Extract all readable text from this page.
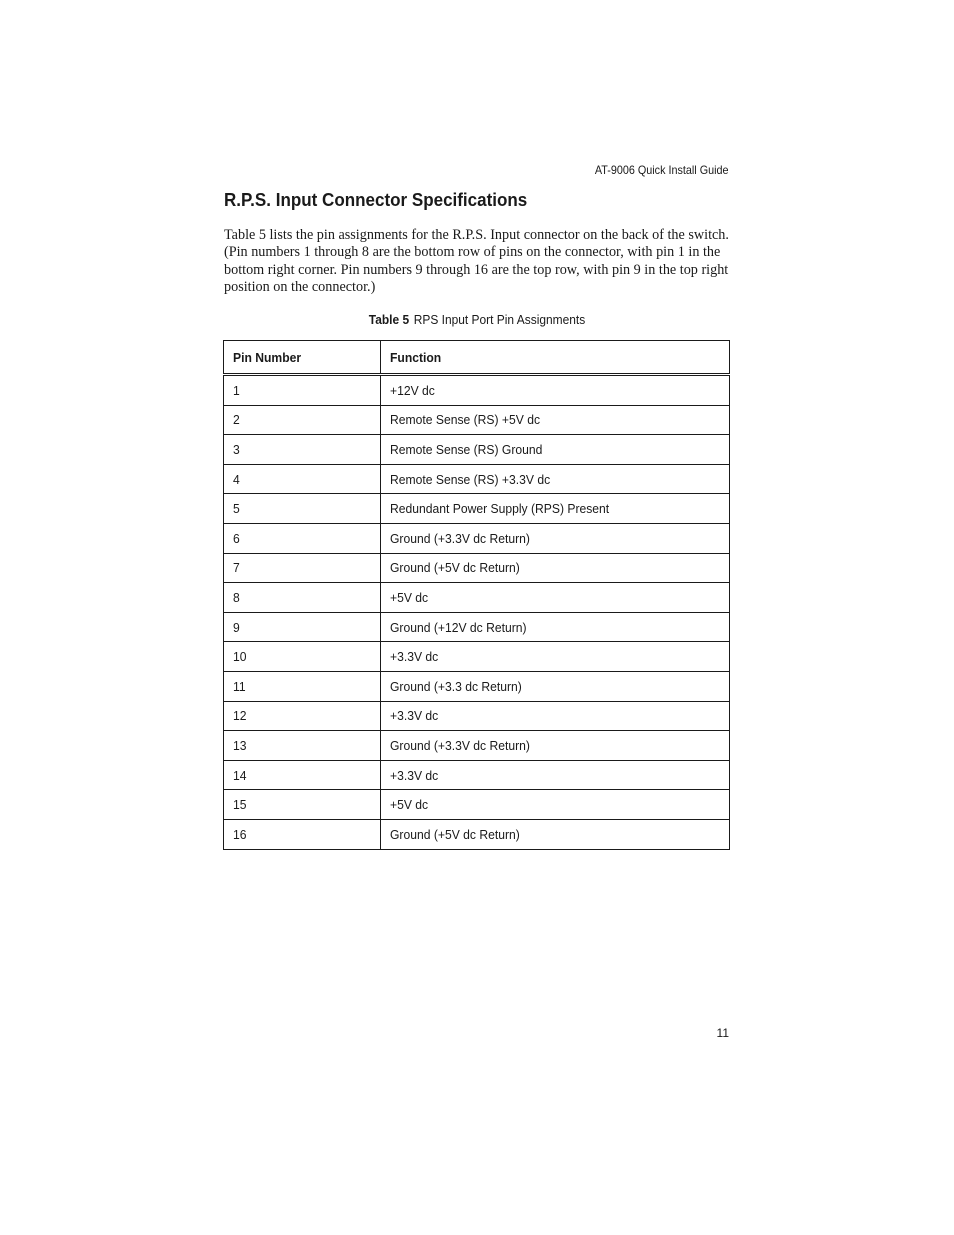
AT-9006 Quick Install Guide
R.P.S. Input Connector Specifications

Table 5 lists the pin assignments for the R.P.S. Input connector on the back of the switch. (Pin numbers 1 through 8 are the bottom row of pins on the connector, with pin 1 in the bottom right corner. Pin numbers 9 through 16 are the top row, with pin 9 in the top right position on the connector.)

Table 5 RPS Input Port Pin Assignments
Pin Number	Function
1	+12V dc
2	Remote Sense (RS) +5V dc
3	Remote Sense (RS) Ground
4	Remote Sense (RS) +3.3V dc
5	Redundant Power Supply (RPS) Present
6	Ground (+3.3V dc Return)
7	Ground (+5V dc Return)
8	+5V dc
9	Ground (+12V dc Return)
10	+3.3V dc
11	Ground (+3.3 dc Return)
12	+3.3V dc
13	Ground (+3.3V dc Return)
14	+3.3V dc
15	+5V dc
16	Ground (+5V dc Return)
11
